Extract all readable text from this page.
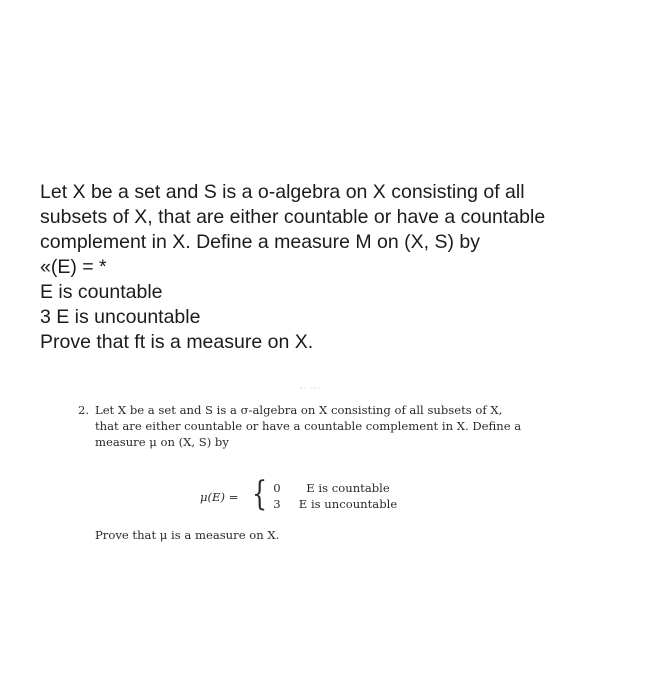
Let X be a set and S is a o-algebra on X consisting of all
subsets of X, that are either countable or have a countable
complement in X. Define a measure M on (X, S) by
«(E) = *
E is countable
3 E is uncountable
Prove that ft is a measure on X.
·· ···
2. Let X be a set and S is a σ-algebra on X consisting of all subsets of X,
that are either countable or have a countable complement in X. Define a
measure μ on (X, S) by
μ(E) = { 0 E is countable
3 E is uncountable
Prove that μ is a measure on X.
